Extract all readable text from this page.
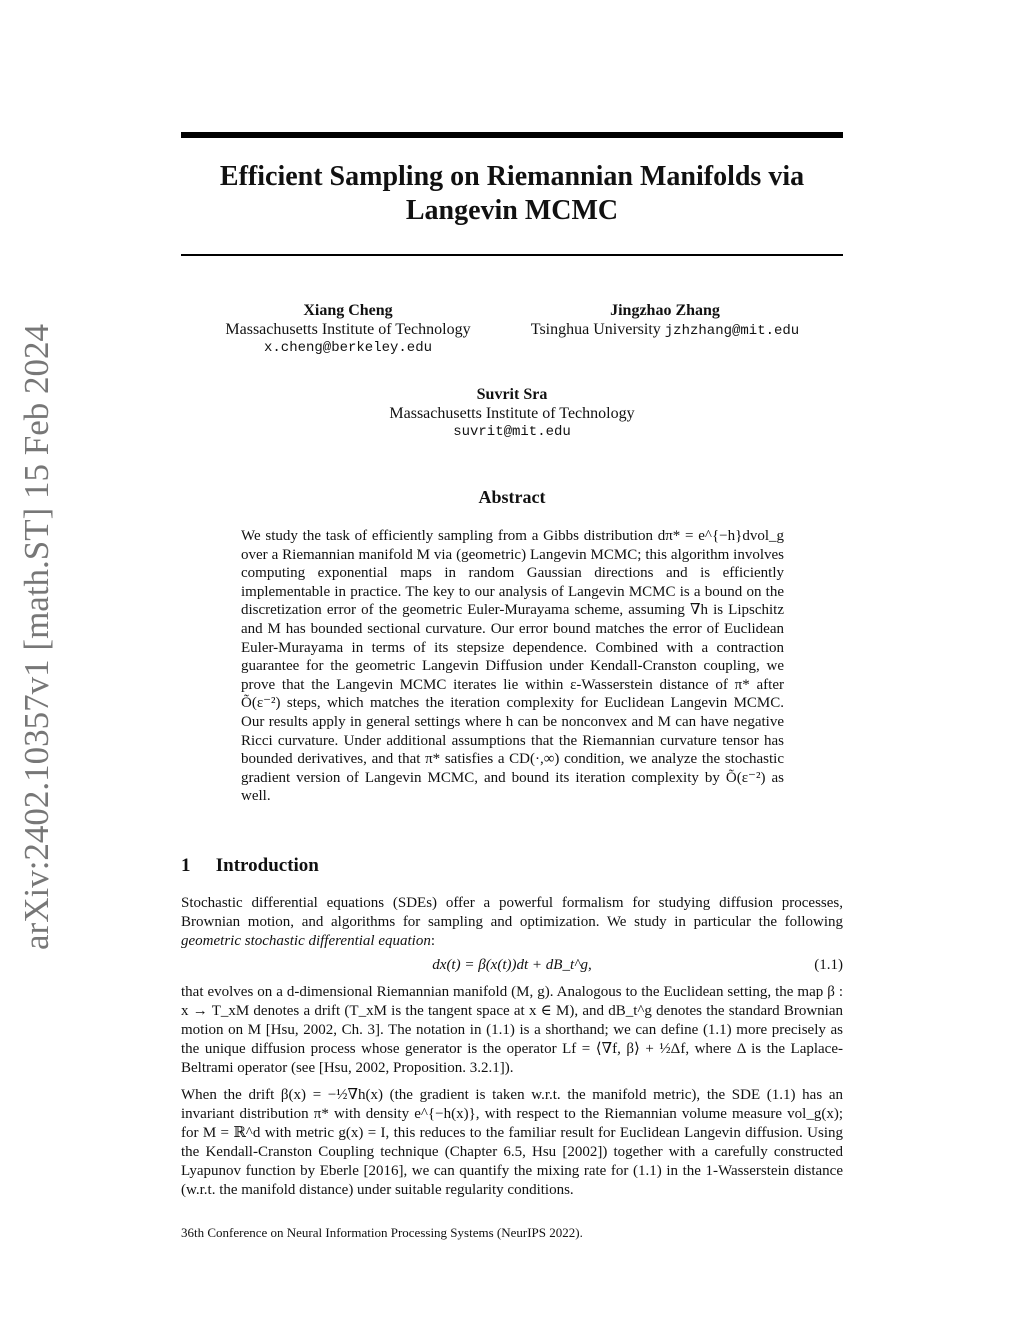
arXiv:2402.10357v1 [math.ST] 15 Feb 2024
Efficient Sampling on Riemannian Manifolds via
Langevin MCMC
Xiang Cheng
Massachusetts Institute of Technology
x.cheng@berkeley.edu
Jingzhao Zhang
Tsinghua University jzhzhang@mit.edu
Suvrit Sra
Massachusetts Institute of Technology
suvrit@mit.edu
Abstract
We study the task of efficiently sampling from a Gibbs distribution dπ* = e^{−h}dvol_g over a Riemannian manifold M via (geometric) Langevin MCMC; this algorithm involves computing exponential maps in random Gaussian directions and is efficiently implementable in practice. The key to our analysis of Langevin MCMC is a bound on the discretization error of the geometric Euler-Murayama scheme, assuming ∇h is Lipschitz and M has bounded sectional curvature. Our error bound matches the error of Euclidean Euler-Murayama in terms of its stepsize dependence. Combined with a contraction guarantee for the geometric Langevin Diffusion under Kendall-Cranston coupling, we prove that the Langevin MCMC iterates lie within ε-Wasserstein distance of π* after Õ(ε⁻²) steps, which matches the iteration complexity for Euclidean Langevin MCMC. Our results apply in general settings where h can be nonconvex and M can have negative Ricci curvature. Under additional assumptions that the Riemannian curvature tensor has bounded derivatives, and that π* satisfies a CD(·,∞) condition, we analyze the stochastic gradient version of Langevin MCMC, and bound its iteration complexity by Õ(ε⁻²) as well.
1 Introduction
Stochastic differential equations (SDEs) offer a powerful formalism for studying diffusion processes, Brownian motion, and algorithms for sampling and optimization. We study in particular the following geometric stochastic differential equation:
dx(t) = β(x(t))dt + dB_t^g,	(1.1)
that evolves on a d-dimensional Riemannian manifold (M, g). Analogous to the Euclidean setting, the map β : x → T_xM denotes a drift (T_xM is the tangent space at x ∈ M), and dB_t^g denotes the standard Brownian motion on M [Hsu, 2002, Ch. 3]. The notation in (1.1) is a shorthand; we can define (1.1) more precisely as the unique diffusion process whose generator is the operator Lf = ⟨∇f, β⟩ + ½Δf, where Δ is the Laplace-Beltrami operator (see [Hsu, 2002, Proposition. 3.2.1]).
When the drift β(x) = −½∇h(x) (the gradient is taken w.r.t. the manifold metric), the SDE (1.1) has an invariant distribution π* with density e^{−h(x)}, with respect to the Riemannian volume measure vol_g(x); for M = ℝ^d with metric g(x) = I, this reduces to the familiar result for Euclidean Langevin diffusion. Using the Kendall-Cranston Coupling technique (Chapter 6.5, Hsu [2002]) together with a carefully constructed Lyapunov function by Eberle [2016], we can quantify the mixing rate for (1.1) in the 1-Wasserstein distance (w.r.t. the manifold distance) under suitable regularity conditions.
36th Conference on Neural Information Processing Systems (NeurIPS 2022).
